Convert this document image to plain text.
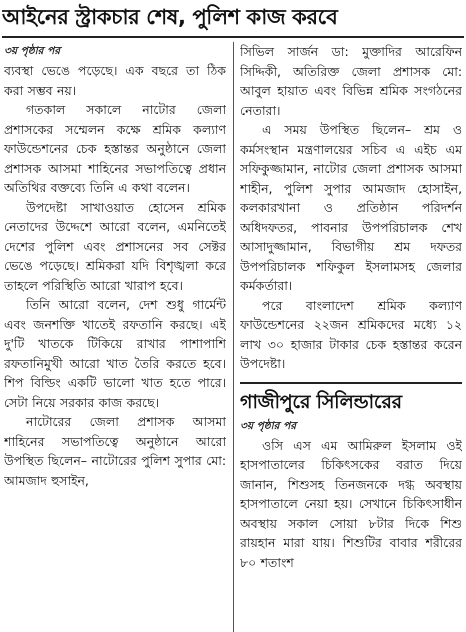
আইনের স্ট্রাকচার শেষ, পুলিশ কাজ করবে

৩য় পৃষ্ঠার পর

ব্যবস্থা ভেঙে পড়েছে। এক বছরে তা ঠিক করা সম্ভব নয়।

গতকাল সকালে নাটোর জেলা প্রশাসকের সম্মেলন কক্ষে শ্রমিক কল্যাণ ফাউন্ডেশনের চেক হস্তান্তর অনুষ্ঠানে জেলা প্রশাসক আসমা শাহিনের সভাপতিত্বে প্রধান অতিথির বক্তব্যে তিনি এ কথা বলেন।

উপদেষ্টা সাখাওয়াত হোসেন শ্রমিক নেতাদের উদ্দেশে আরো বলেন, এমনিতেই দেশের পুলিশ এবং প্রশাসনের সব সেক্টর ভেঙে পড়েছে। শ্রমিকরা যদি বিশৃঙ্খলা করে তাহলে পরিস্থিতি আরো খারাপ হবে।

তিনি আরো বলেন, দেশ শুধু গার্মেন্ট এবং জনশক্তি খাতেই রফতানি করছে। এই দু'টি খাতকে টিকিয়ে রাখার পাশাপাশি রফতানিমুখী আরো খাত তৈরি করতে হবে। শিপ বিল্ডিং একটি ভালো খাত হতে পারে। সেটা নিয়ে সরকার কাজ করছে।

নাটোরের জেলা প্রশাসক আসমা শাহিনের সভাপতিত্বে অনুষ্ঠানে আরো উপস্থিত ছিলেন– নাটোরের পুলিশ সুপার মো: আমজাদ হুসাইন,

সিভিল সার্জন ডা: মুক্তাদির আরেফিন সিদ্দিকী, অতিরিক্ত জেলা প্রশাসক মো: আবুল হায়াত এবং বিভিন্ন শ্রমিক সংগঠনের নেতারা।

এ সময় উপস্থিত ছিলেন– শ্রম ও কর্মসংস্থান মন্ত্রণালয়ের সচিব এ এইচ এম সফিকুজ্জামান, নাটোর জেলা প্রশাসক আসমা শাহীন, পুলিশ সুপার আমজাদ হোসাইন, কলকারখানা ও প্রতিষ্ঠান পরিদর্শন অধিদফতর, পাবনার উপপরিচালক শেখ আসাদুজ্জামান, বিভাগীয় শ্রম দফতর উপপরিচালক শফিকুল ইসলামসহ জেলার কর্মকর্তারা।

পরে বাংলাদেশ শ্রমিক কল্যাণ ফাউন্ডেশনের ২২জন শ্রমিকদের মধ্যে ১২ লাখ ৩০ হাজার টাকার চেক হস্তান্তর করেন উপদেষ্টা।

গাজীপুরে সিলিন্ডারের

৩য় পৃষ্ঠার পর

ওসি এস এম আমিরুল ইসলাম ওই হাসপাতালের চিকিৎসকের বরাত দিয়ে জানান, শিশুসহ তিনজনকে দগ্ধ অবস্থায় হাসপাতালে নেয়া হয়। সেখানে চিকিৎসাধীন অবস্থায় সকাল সোয়া ৮টার দিকে শিশু রায়হান মারা যায়। শিশুটির বাবার শরীরের ৮০ শতাংশ
